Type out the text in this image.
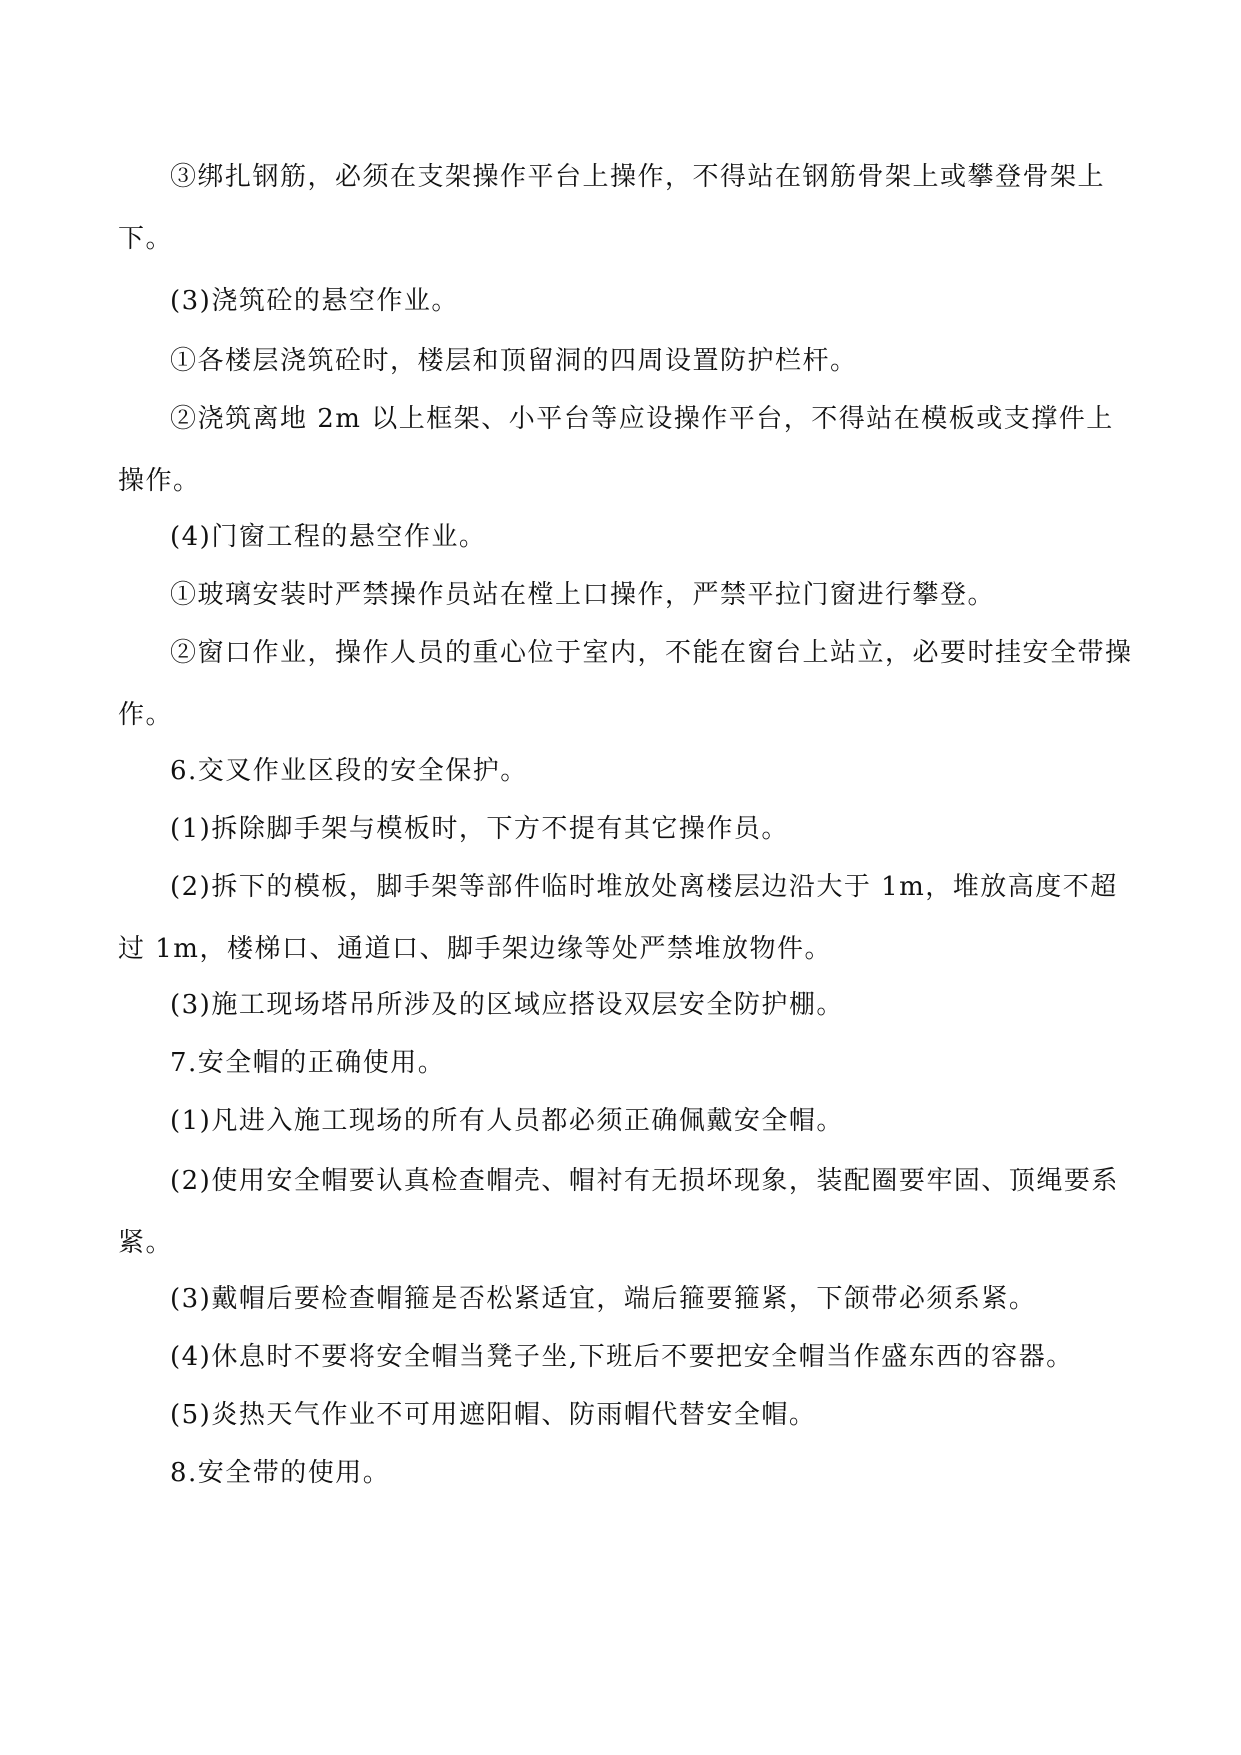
③绑扎钢筋，必须在支架操作平台上操作，不得站在钢筋骨架上或攀登骨架上下。

(3)浇筑砼的悬空作业。

①各楼层浇筑砼时，楼层和顶留洞的四周设置防护栏杆。

②浇筑离地 2m 以上框架、小平台等应设操作平台，不得站在模板或支撑件上操作。

(4)门窗工程的悬空作业。

①玻璃安装时严禁操作员站在樘上口操作，严禁平拉门窗进行攀登。

②窗口作业，操作人员的重心位于室内，不能在窗台上站立，必要时挂安全带操作。

6.交叉作业区段的安全保护。

(1)拆除脚手架与模板时，下方不提有其它操作员。

(2)拆下的模板，脚手架等部件临时堆放处离楼层边沿大于 1m，堆放高度不超过 1m，楼梯口、通道口、脚手架边缘等处严禁堆放物件。

(3)施工现场塔吊所涉及的区域应搭设双层安全防护棚。

7.安全帽的正确使用。

(1)凡进入施工现场的所有人员都必须正确佩戴安全帽。

(2)使用安全帽要认真检查帽壳、帽衬有无损坏现象，装配圈要牢固、顶绳要系紧。

(3)戴帽后要检查帽箍是否松紧适宜，端后箍要箍紧，下颌带必须系紧。

(4)休息时不要将安全帽当凳子坐,下班后不要把安全帽当作盛东西的容器。

(5)炎热天气作业不可用遮阳帽、防雨帽代替安全帽。

8.安全带的使用。
